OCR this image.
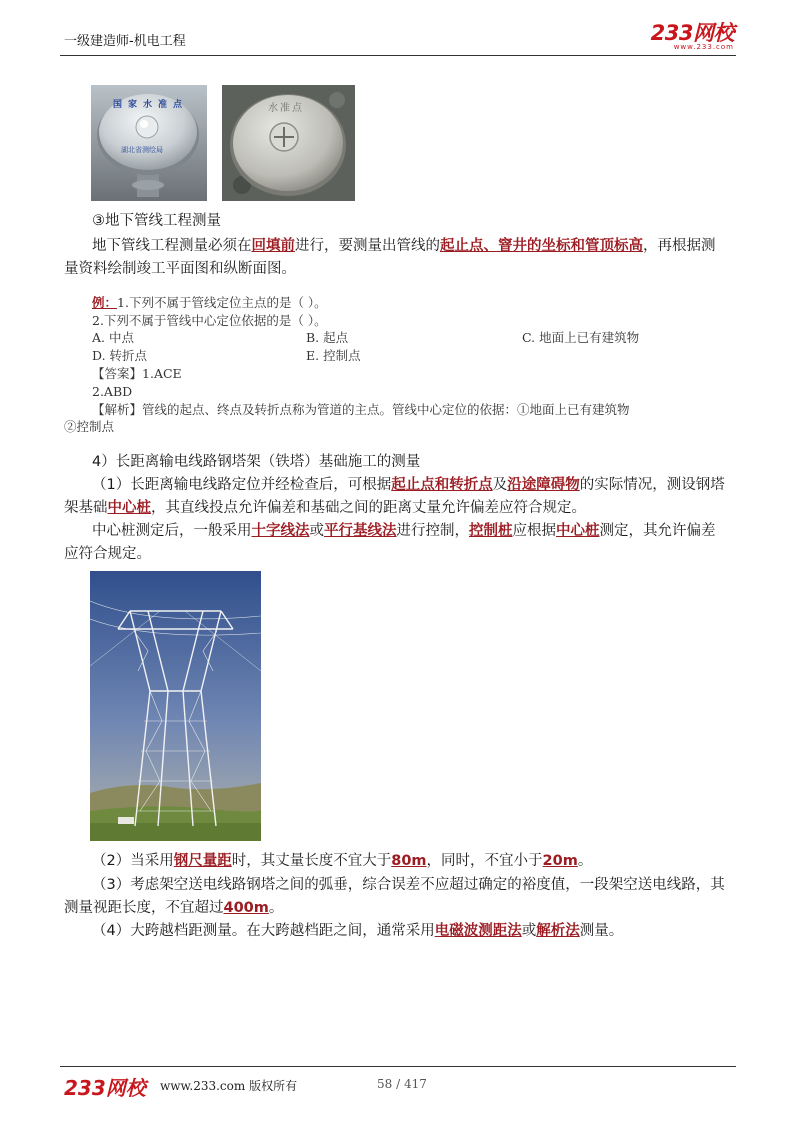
一级建造师-机电工程	233网校
www.233.com
国家水准点
湖北省测绘局
水准点
③地下管线工程测量
地下管线工程测量必须在回填前进行，要测量出管线的起止点、窨井的坐标和管顶标高，再根据测
量资料绘制竣工平面图和纵断面图。
例：1.下列不属于管线定位主点的是（ ）。
2.下列不属于管线中心定位依据的是（ ）。
A. 中点	B. 起点	C. 地面上已有建筑物
D. 转折点	E. 控制点
【答案】1.ACE
2.ABD
【解析】管线的起点、终点及转折点称为管道的主点。管线中心定位的依据：①地面上已有建筑物
②控制点
4）长距离输电线路钢塔架（铁塔）基础施工的测量
（1）长距离输电线路定位并经检查后，可根据起止点和转折点及沿途障碍物的实际情况，测设钢塔
架基础中心桩，其直线投点允许偏差和基础之间的距离丈量允许偏差应符合规定。
中心桩测定后，一般采用十字线法或平行基线法进行控制，控制桩应根据中心桩测定，其允许偏差
应符合规定。
（2）当采用钢尺量距时，其丈量长度不宜大于80m，同时，不宜小于20m。
（3）考虑架空送电线路钢塔之间的弧垂，综合误差不应超过确定的裕度值，一段架空送电线路，其
测量视距长度，不宜超过400m。
（4）大跨越档距测量。在大跨越档距之间，通常采用电磁波测距法或解析法测量。
233网校 www.233.com 版权所有	58 / 417
